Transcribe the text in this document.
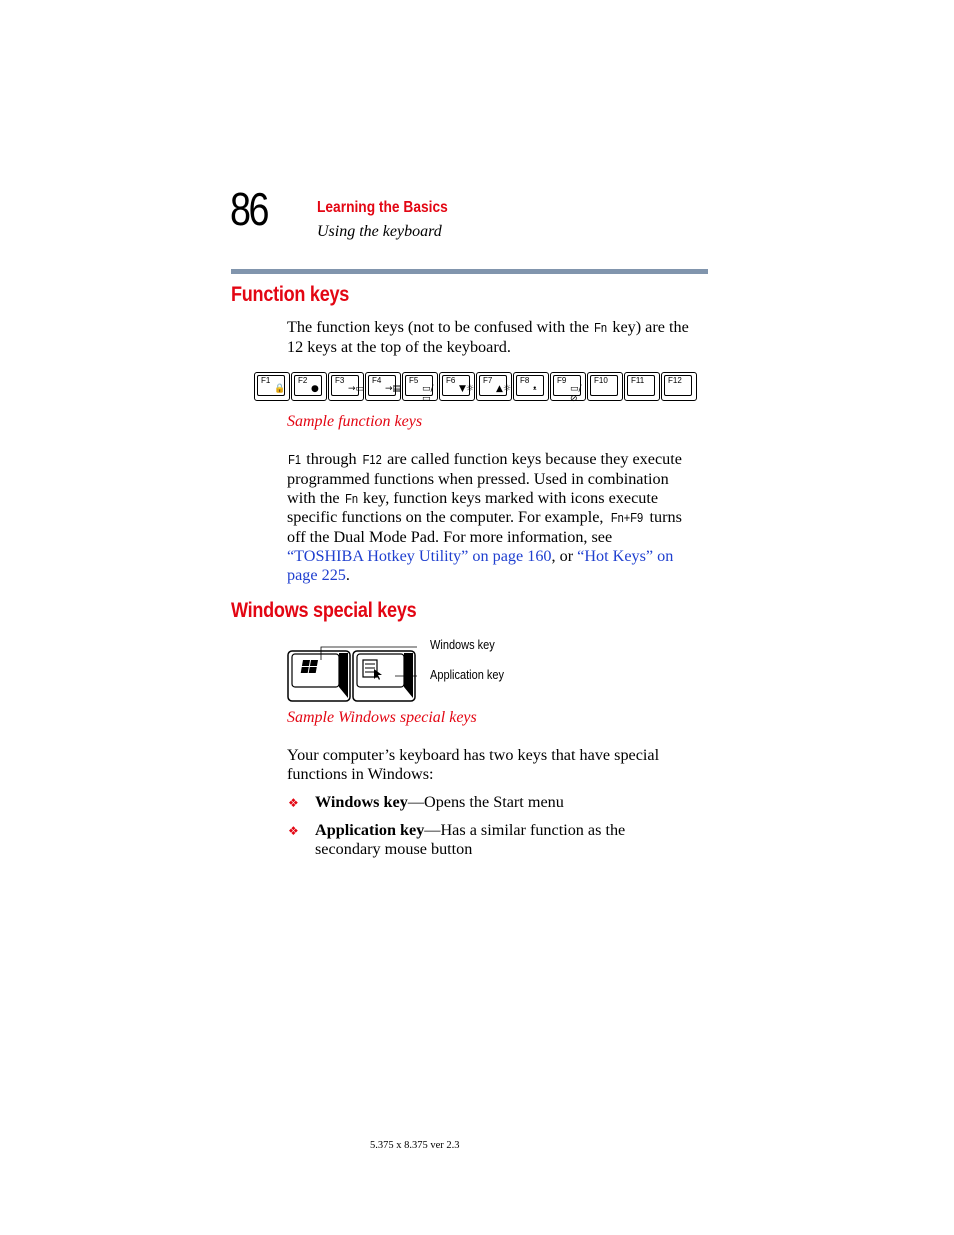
86	Learning the Basics
Using the keyboard
Function keys
The function keys (not to be confused with the Fn key) are the
12 keys at the top of the keyboard.
F1
🔒
F2
●
F3
→▭
F4
→▤
F5
▭/▭
F6
▼☼
F7
▲☼
F8
ᵜ
F9
▭/⊘
F10	F11	F12
Sample function keys
F1 through F12 are called function keys because they execute
programmed functions when pressed. Used in combination
with the Fn key, function keys marked with icons execute
specific functions on the computer. For example, Fn+F9 turns
off the Dual Mode Pad. For more information, see
“TOSHIBA Hotkey Utility” on page 160, or “Hot Keys” on
page 225.
Windows special keys
Windows key
Application key
Sample Windows special keys
Your computer’s keyboard has two keys that have special
functions in Windows:
❖ Windows key—Opens the Start menu
❖ Application key—Has a similar function as the
secondary mouse button
5.375 x 8.375 ver 2.3
